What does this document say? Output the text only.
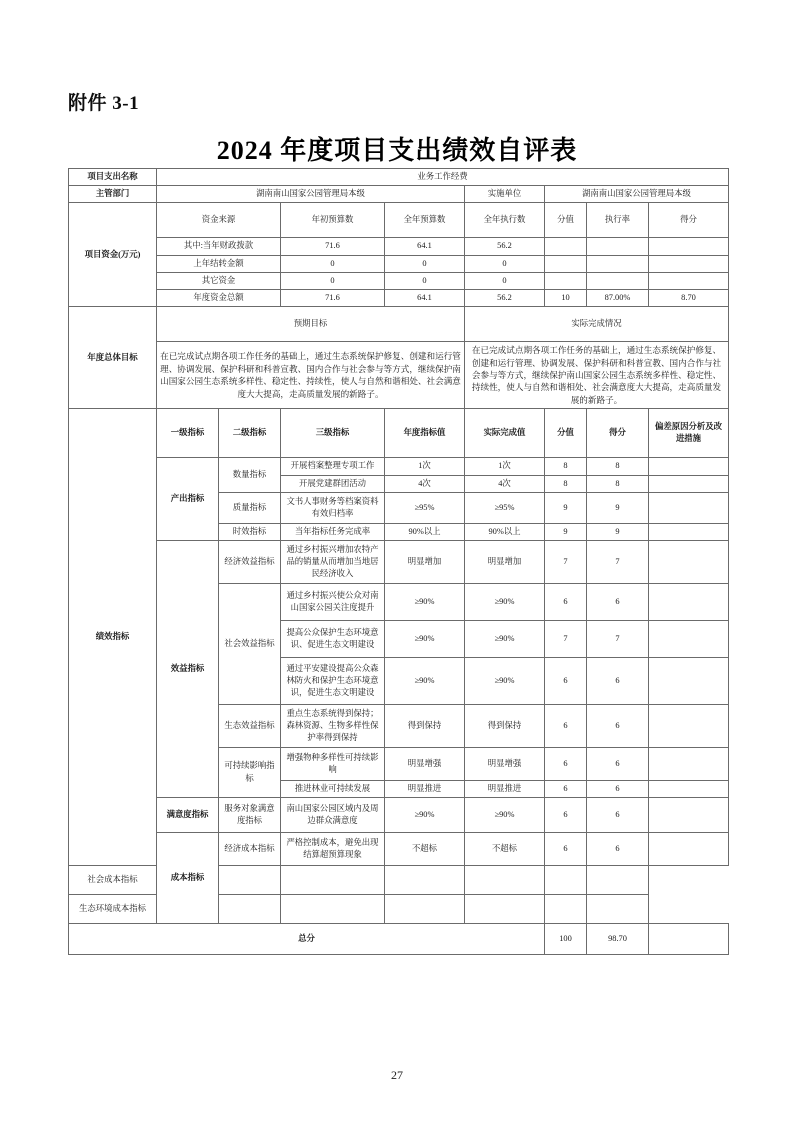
附件 3-1
2024 年度项目支出绩效自评表
项目支出名称	业务工作经费							
主管部门	湖南南山国家公园管理局本级				实施单位	湖南南山国家公园管理局本级		
项目资金(万元)	资金来源		年初预算数	全年预算数	全年执行数	分值	执行率	得分
	其中:当年财政拨款		71.6	64.1	56.2			
	上年结转金额		0	0	0			
	其它资金		0	0	0			
	年度资金总额		71.6	64.1	56.2	10	87.00%	8.70
年度总体目标	预期目标				实际完成情况			
	在已完成试点期各项工作任务的基础上，通过生态系统保护修复、创建和运行管理、协调发展、保护科研和科普宣教、国内合作与社会参与等方式，继续保护南山国家公园生态系统多样性、稳定性、持续性，使人与自然和谐相处、社会满意度大大提高，走高质量发展的新路子。				在已完成试点期各项工作任务的基础上，通过生态系统保护修复、创建和运行管理、协调发展、保护科研和科普宣教、国内合作与社会参与等方式，继续保护南山国家公园生态系统多样性、稳定性、持续性，使人与自然和谐相处、社会满意度大大提高，走高质量发展的新路子。			
绩效指标	一级指标	二级指标	三级指标	年度指标值	实际完成值	分值	得分	偏差原因分析及改进措施
	产出指标	数量指标	开展档案整理专项工作	1次	1次	8	8	
			开展党建群团活动	4次	4次	8	8	
		质量指标	文书人事财务等档案资料有效归档率	≥95%	≥95%	9	9	
		时效指标	当年指标任务完成率	90%以上	90%以上	9	9	
	效益指标	经济效益指标	通过乡村振兴增加农特产品的销量从而增加当地居民经济收入	明显增加	明显增加	7	7	
		社会效益指标	通过乡村振兴使公众对南山国家公园关注度提升	≥90%	≥90%	6	6	
			提高公众保护生态环境意识、促进生态文明建设	≥90%	≥90%	7	7	
			通过平安建设提高公众森林防火和保护生态环境意识，促进生态文明建设	≥90%	≥90%	6	6	
		生态效益指标	重点生态系统得到保持；森林资源、生物多样性保护率得到保持	得到保持	得到保持	6	6	
		可持续影响指标	增强物种多样性可持续影响	明显增强	明显增强	6	6	
			推进林业可持续发展	明显推进	明显推进	6	6	
	满意度指标	服务对象满意度指标	南山国家公园区域内及周边群众满意度	≥90%	≥90%	6	6	
	成本指标	经济成本指标	严格控制成本，避免出现结算超预算现象	不超标	不超标	6	6	
社会成本指标								
生态环境成本指标								
总分						100	98.70	
27
